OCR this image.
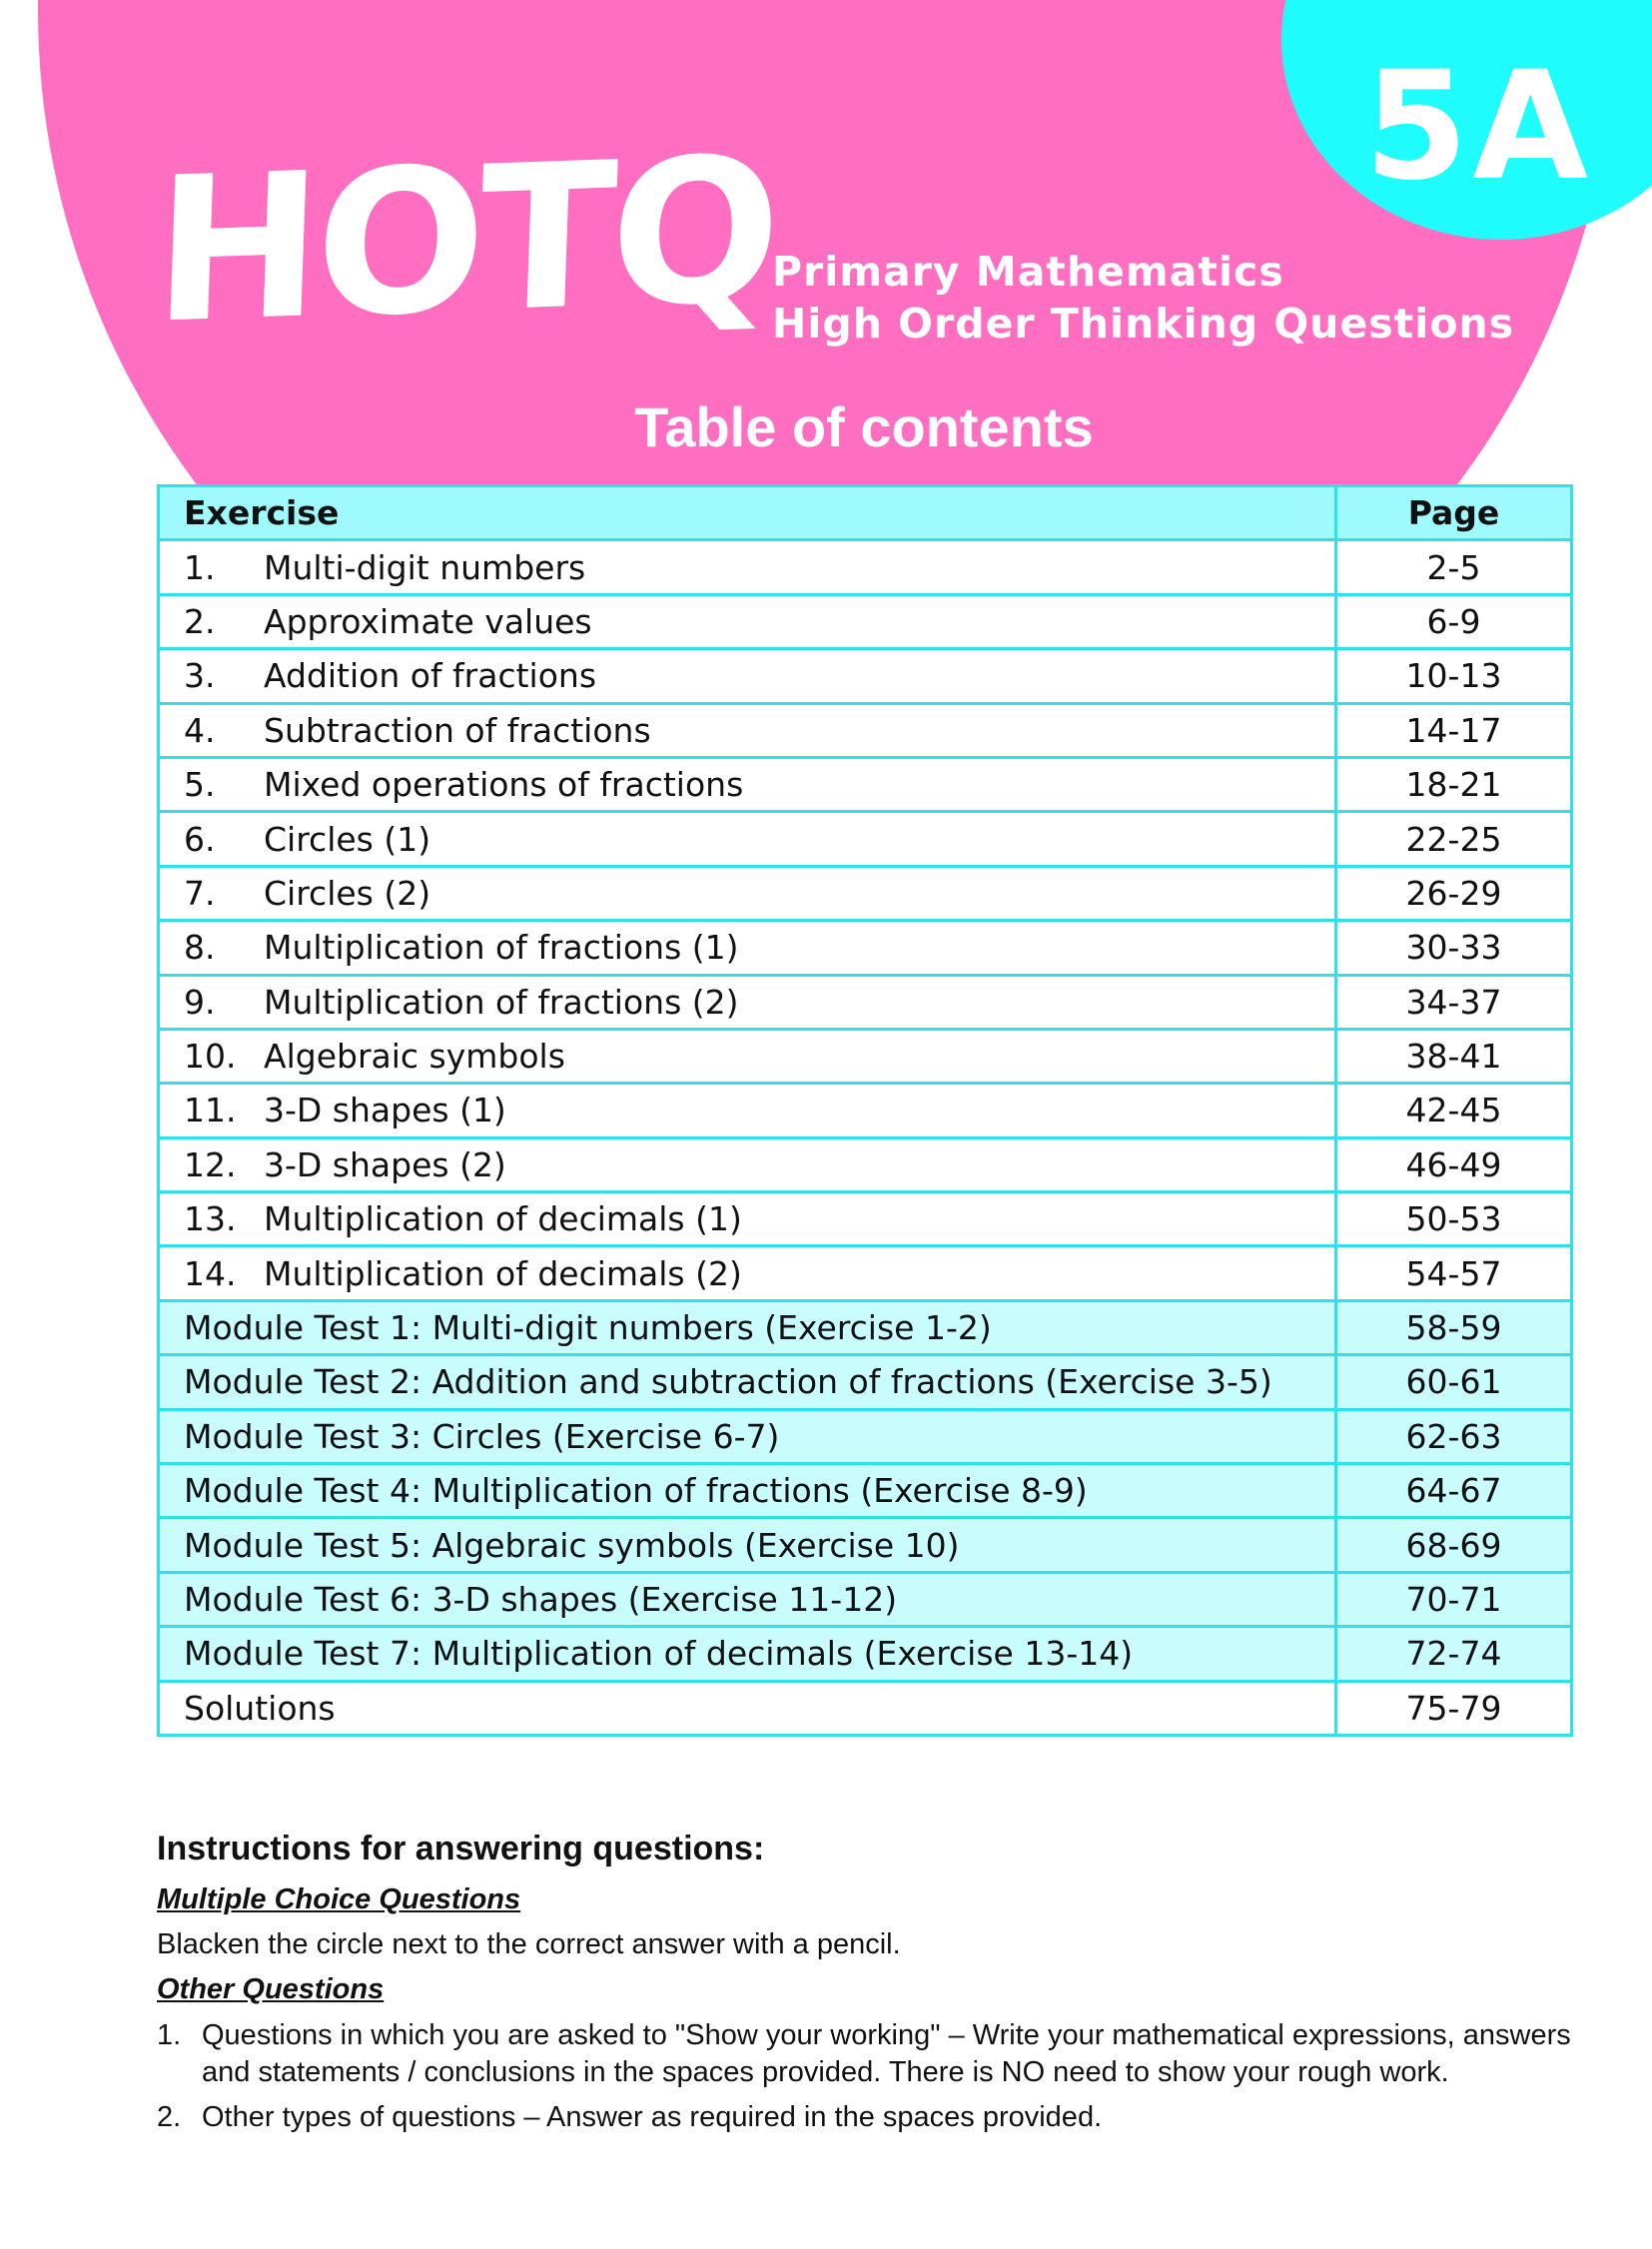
5A
HOTQ
Primary Mathematics
High Order Thinking Questions
Table of contents
Exercise	Page
1. Multi-digit numbers	2-5
2. Approximate values	6-9
3. Addition of fractions	10-13
4. Subtraction of fractions	14-17
5. Mixed operations of fractions	18-21
6. Circles (1)	22-25
7. Circles (2)	26-29
8. Multiplication of fractions (1)	30-33
9. Multiplication of fractions (2)	34-37
10. Algebraic symbols	38-41
11. 3-D shapes (1)	42-45
12. 3-D shapes (2)	46-49
13. Multiplication of decimals (1)	50-53
14. Multiplication of decimals (2)	54-57
Module Test 1: Multi-digit numbers (Exercise 1-2)	58-59
Module Test 2: Addition and subtraction of fractions (Exercise 3-5)	60-61
Module Test 3: Circles (Exercise 6-7)	62-63
Module Test 4: Multiplication of fractions (Exercise 8-9)	64-67
Module Test 5: Algebraic symbols (Exercise 10)	68-69
Module Test 6: 3-D shapes (Exercise 11-12)	70-71
Module Test 7: Multiplication of decimals (Exercise 13-14)	72-74
Solutions	75-79
Instructions for answering questions:
Multiple Choice Questions
Blacken the circle next to the correct answer with a pencil.
Other Questions
1. Questions in which you are asked to "Show your working" – Write your mathematical expressions, answers and statements / conclusions in the spaces provided. There is NO need to show your rough work.
2. Other types of questions – Answer as required in the spaces provided.
